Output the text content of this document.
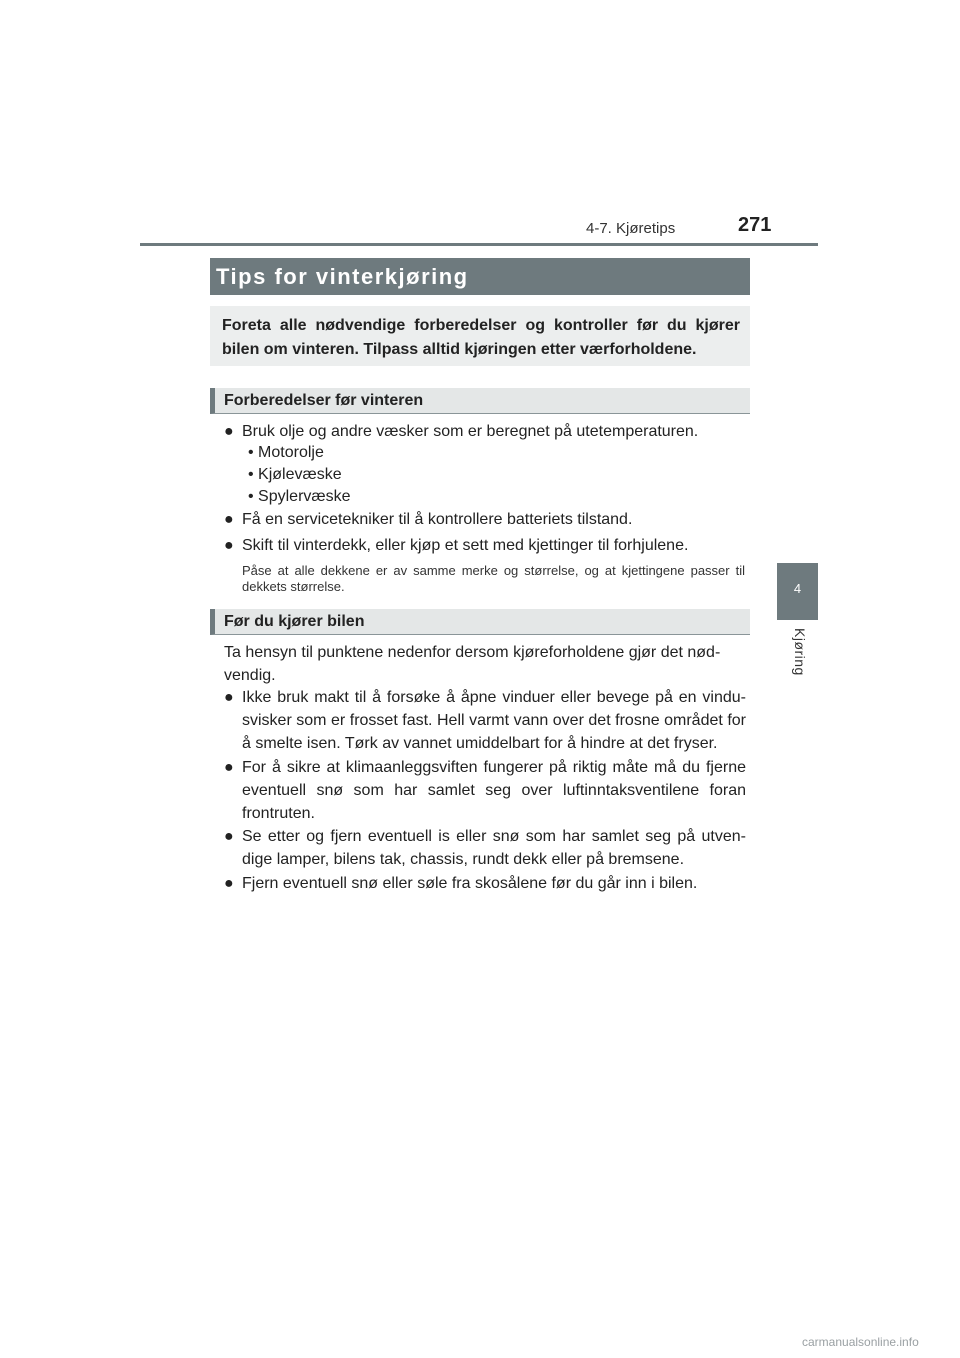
4-7. Kjøretips	271
4
Kjøring
Tips for vinterkjøring
Foreta alle nødvendige forberedelser og kontroller før du kjører bilen om vinteren. Tilpass alltid kjøringen etter værforholdene.
Forberedelser før vinteren
● Bruk olje og andre væsker som er beregnet på utetemperaturen.
• Motorolje
• Kjølevæske
• Spylervæske
● Få en servicetekniker til å kontrollere batteriets tilstand.
● Skift til vinterdekk, eller kjøp et sett med kjettinger til forhjulene.
Påse at alle dekkene er av samme merke og størrelse, og at kjettingene passer til dekkets størrelse.
Før du kjører bilen
Ta hensyn til punktene nedenfor dersom kjøreforholdene gjør det nød- vendig.
● Ikke bruk makt til å forsøke å åpne vinduer eller bevege på en vindu- svisker som er frosset fast. Hell varmt vann over det frosne området for å smelte isen. Tørk av vannet umiddelbart for å hindre at det fryser.
● For å sikre at klimaanleggsviften fungerer på riktig måte må du fjerne eventuell snø som har samlet seg over luftinntaksventilene foran frontruten.
● Se etter og fjern eventuell is eller snø som har samlet seg på utven- dige lamper, bilens tak, chassis, rundt dekk eller på bremsene.
● Fjern eventuell snø eller søle fra skosålene før du går inn i bilen.
carmanualsonline.info
